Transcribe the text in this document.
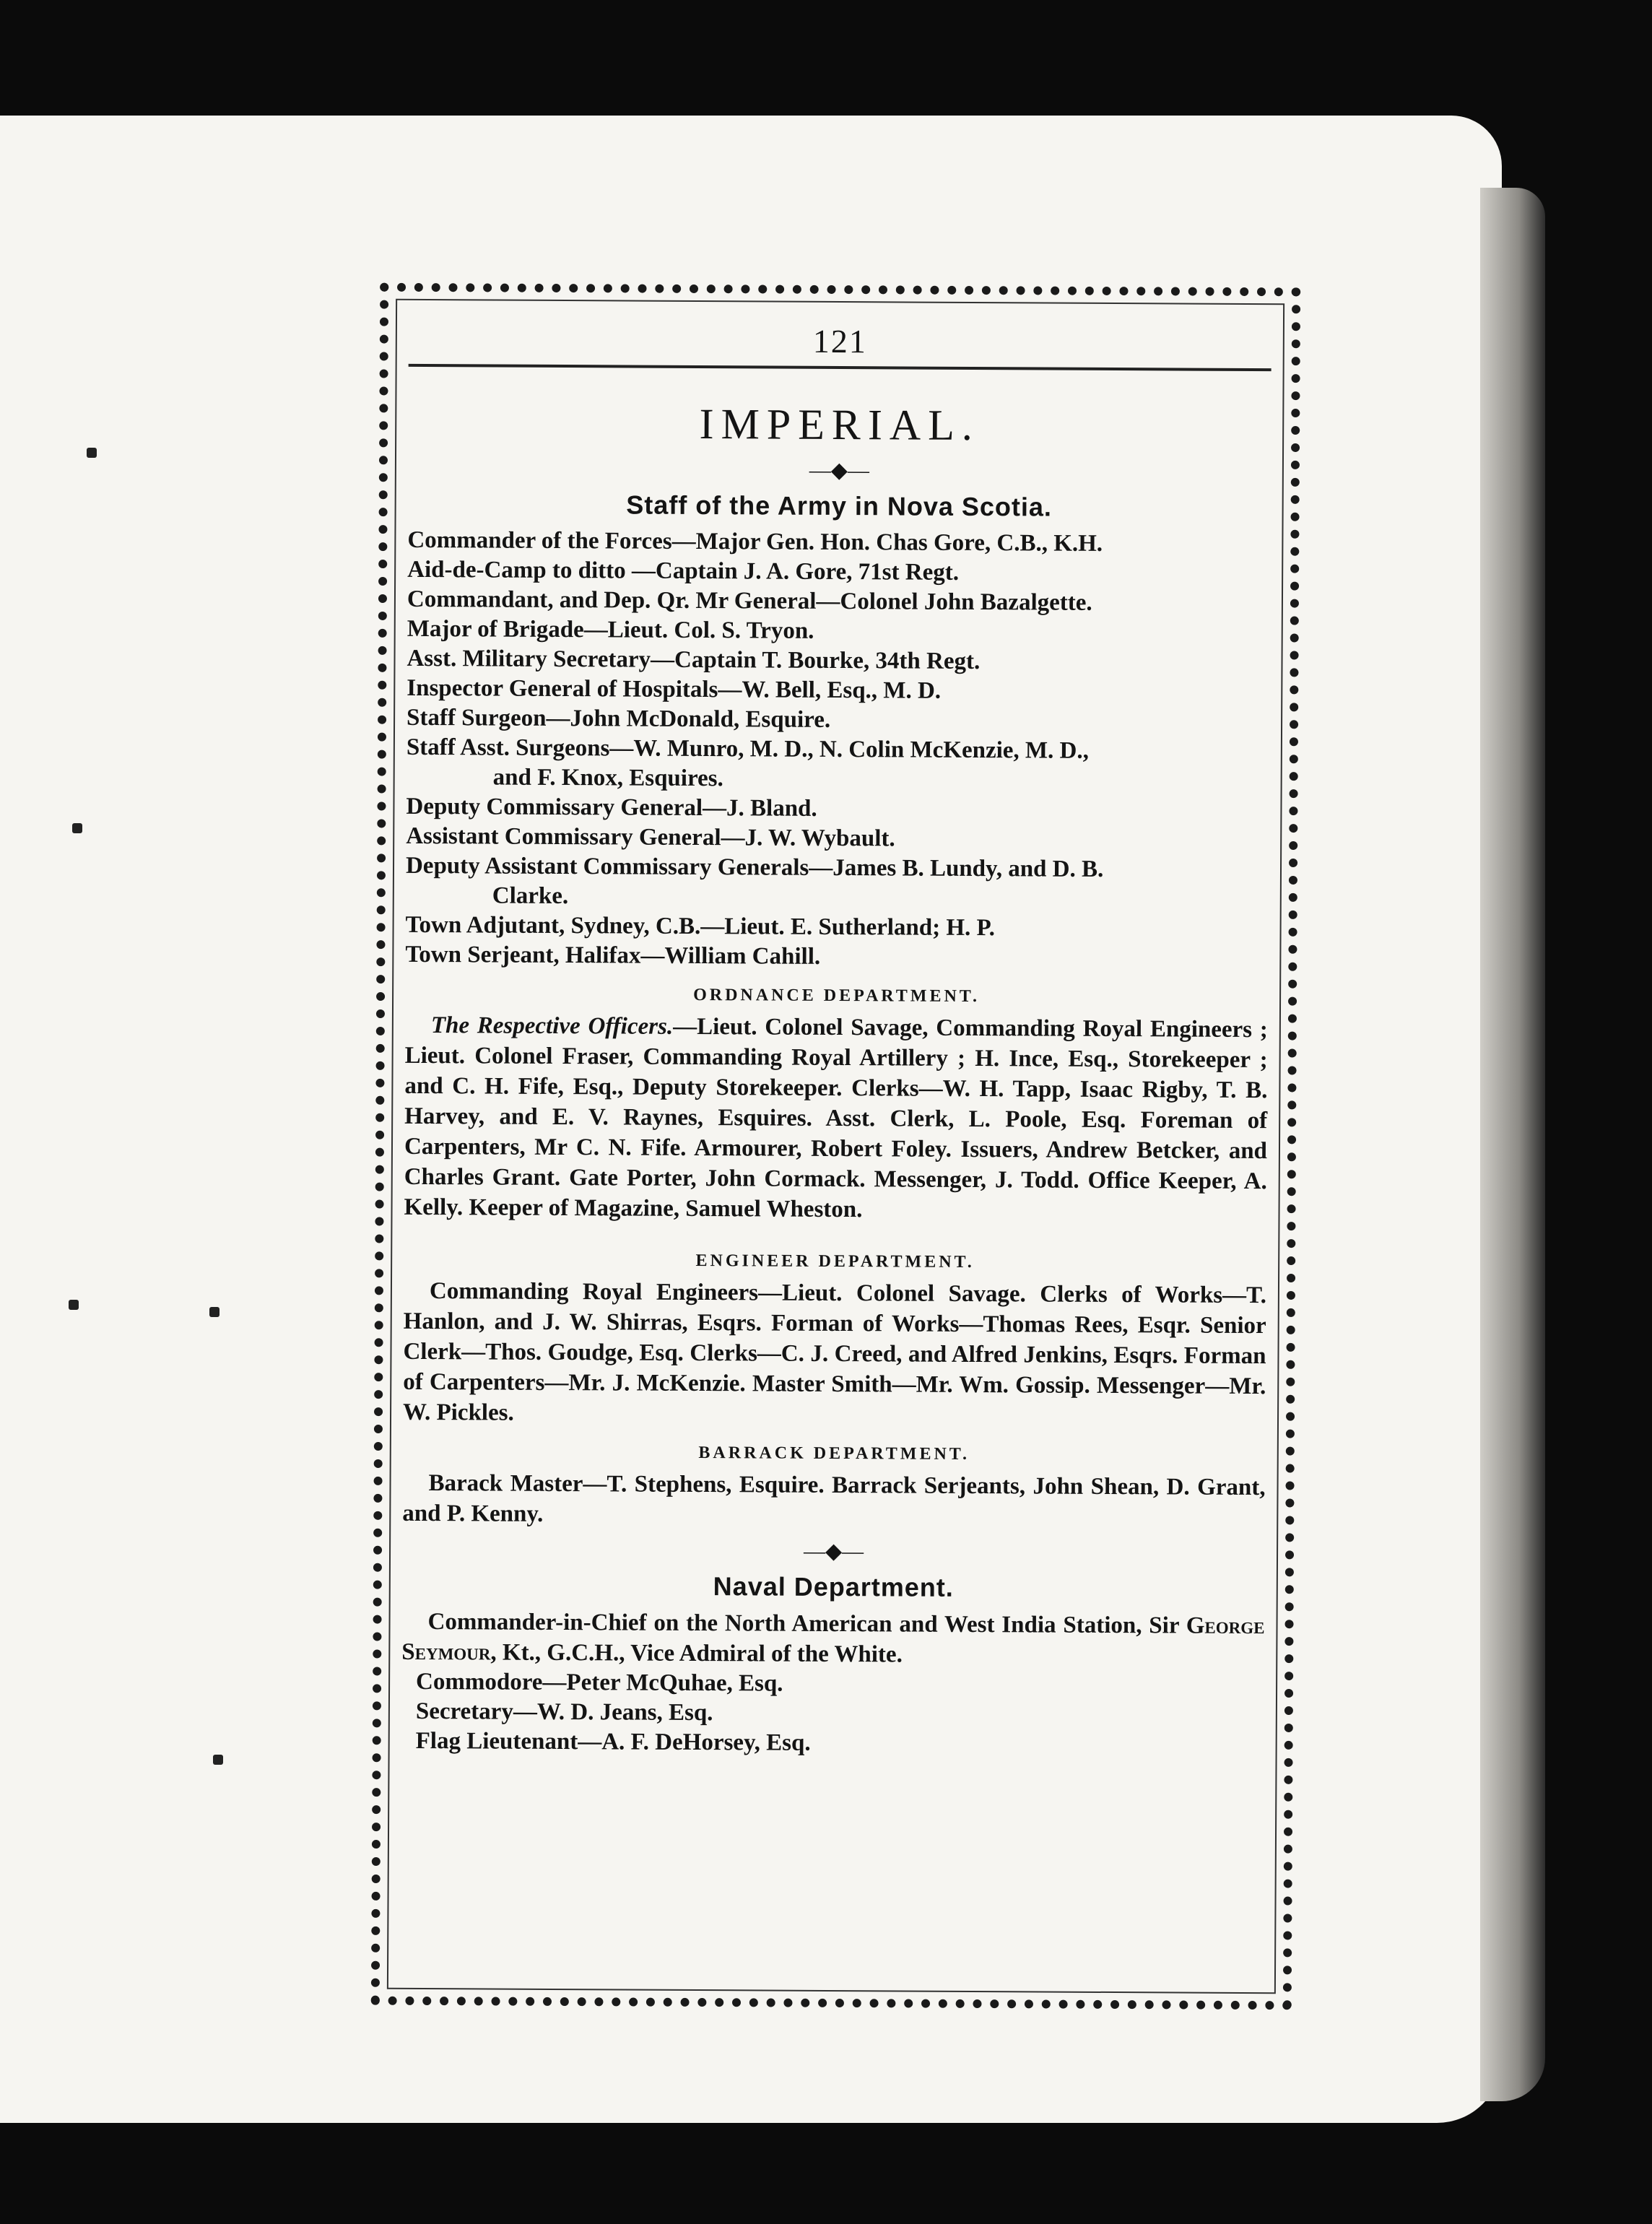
121
IMPERIAL.
—◆—
Staff of the Army in Nova Scotia.

Commander of the Forces—Major Gen. Hon. Chas Gore, C.B., K.H.

Aid-de-Camp to ditto —Captain J. A. Gore, 71st Regt.

Commandant, and Dep. Qr. Mr General—Colonel John Bazalgette.

Major of Brigade—Lieut. Col. S. Tryon.

Asst. Military Secretary—Captain T. Bourke, 34th Regt.

Inspector General of Hospitals—W. Bell, Esq., M. D.

Staff Surgeon—John McDonald, Esquire.

Staff Asst. Surgeons—W. Munro, M. D., N. Colin McKenzie, M. D.,

and F. Knox, Esquires.

Deputy Commissary General—J. Bland.

Assistant Commissary General—J. W. Wybault.

Deputy Assistant Commissary Generals—James B. Lundy, and D. B.

Clarke.

Town Adjutant, Sydney, C.B.—Lieut. E. Sutherland; H. P.

Town Serjeant, Halifax—William Cahill.

ORDNANCE DEPARTMENT.

The Respective Officers.—Lieut. Colonel Savage, Commanding Royal Engineers ; Lieut. Colonel Fraser, Commanding Royal Artillery ; H. Ince, Esq., Storekeeper ; and C. H. Fife, Esq., Deputy Storekeeper. Clerks—W. H. Tapp, Isaac Rigby, T. B. Harvey, and E. V. Raynes, Esquires. Asst. Clerk, L. Poole, Esq. Foreman of Carpenters, Mr C. N. Fife. Armourer, Robert Foley. Issuers, Andrew Betcker, and Charles Grant. Gate Porter, John Cormack. Messenger, J. Todd. Office Keeper, A. Kelly. Keeper of Magazine, Samuel Wheston.

ENGINEER DEPARTMENT.

Commanding Royal Engineers—Lieut. Colonel Savage. Clerks of Works—T. Hanlon, and J. W. Shirras, Esqrs. Forman of Works—Thomas Rees, Esqr. Senior Clerk—Thos. Goudge, Esq. Clerks—C. J. Creed, and Alfred Jenkins, Esqrs. Forman of Carpenters—Mr. J. McKenzie. Master Smith—Mr. Wm. Gossip. Messenger—Mr. W. Pickles.

BARRACK DEPARTMENT.

Barack Master—T. Stephens, Esquire. Barrack Serjeants, John Shean, D. Grant, and P. Kenny.

—◆—
Naval Department.

Commander-in-Chief on the North American and West India Station, Sir George Seymour, Kt., G.C.H., Vice Admiral of the White.

Commodore—Peter McQuhae, Esq.

Secretary—W. D. Jeans, Esq.

Flag Lieutenant—A. F. DeHorsey, Esq.
